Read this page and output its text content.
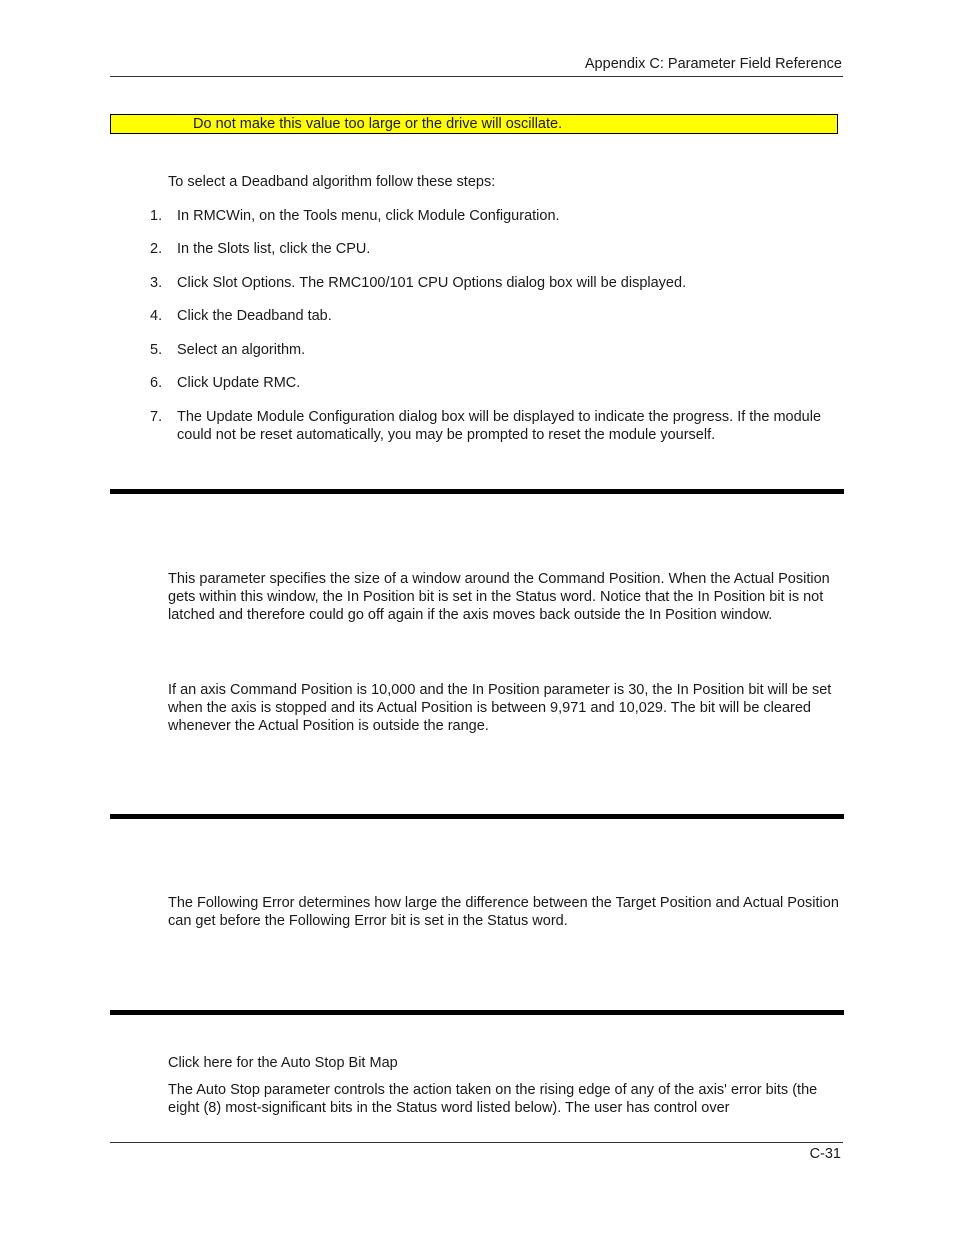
Appendix C: Parameter Field Reference
Do not make this value too large or the drive will oscillate.
To select a Deadband algorithm follow these steps:
1. In RMCWin, on the Tools menu, click Module Configuration.
2. In the Slots list, click the CPU.
3. Click Slot Options. The RMC100/101 CPU Options dialog box will be displayed.
4. Click the Deadband tab.
5. Select an algorithm.
6. Click Update RMC.
7. The Update Module Configuration dialog box will be displayed to indicate the progress. If the module could not be reset automatically, you may be prompted to reset the module yourself.
This parameter specifies the size of a window around the Command Position. When the Actual Position gets within this window, the In Position bit is set in the Status word. Notice that the In Position bit is not latched and therefore could go off again if the axis moves back outside the In Position window.
If an axis Command Position is 10,000 and the In Position parameter is 30, the In Position bit will be set when the axis is stopped and its Actual Position is between 9,971 and 10,029. The bit will be cleared whenever the Actual Position is outside the range.
The Following Error determines how large the difference between the Target Position and Actual Position can get before the Following Error bit is set in the Status word.
Click here for the Auto Stop Bit Map
The Auto Stop parameter controls the action taken on the rising edge of any of the axis' error bits (the eight (8) most-significant bits in the Status word listed below). The user has control over
C-31
